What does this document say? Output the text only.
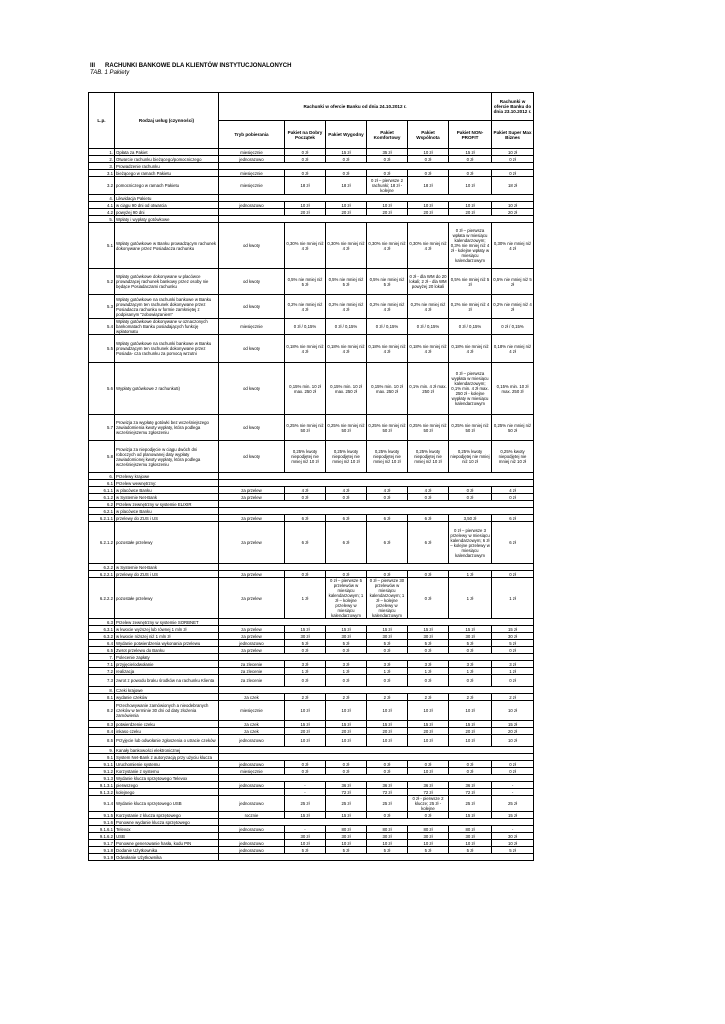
III RACHUNKI BANKOWE DLA KLIENTÓW INSTYTUCJONALONYCH
TAB. 1 Pakiety
L.p.	Rodzaj usług (czynności)	Rachunki w ofercie Banku od dnia 24.10.2012 r.						Rachunki w ofercie Banku do dnia 23.10.2012 r.
		Tryb pobierania	Pakiet na Dobry Początek	Pakiet Wygodny	Pakiet Komfortowy	Pakiet Wspólnota	Pakiet NON-PROFIT	Pakiet Super Max Biznes
1.	Opłata za Pakiet	miesięcznie	0 zł	15 zł	35 zł	10 zł	15 zł	10 zł
2.	Otwarcie rachunku bieżącego/pomocniczego	jednorazowo	0 zł	0 zł	0 zł	0 zł	0 zł	0 zł
3.	Prowadzenie rachunku							
3.1	bieżącego w ramach Pakietu	miesięcznie	0 zł	0 zł	0 zł	0 zł	0 zł	0 zł
3.2	pomocniczego w ramach Pakietu	miesięcznie	18 zł	18 zł	0 zł – pierwsze 2 rachunki; 18 zł - kolejne	18 zł	10 zł	18 zł
4.	Likwidacja Pakietu							
4.1	w ciągu 90 dni od otwarcia	jednorazowo	10 zł	10 zł	10 zł	10 zł	10 zł	10 zł
4.2	powyżej 90 dni		20 zł	20 zł	20 zł	20 zł	20 zł	20 zł
5.	Wpłaty i wypłaty gotówkowe							
5.1	Wpłaty gotówkowe w Banku prowadzącym rachunek dokonywane przez Posiadacza rachunku	od kwoty	0,30% nie mniej niż 4 zł	0,30% nie mniej niż 4 zł	0,30% nie mniej niż 4 zł	0,30% nie mniej niż 4 zł	0 zł – pierwsza wpłata w miesiącu kalendarzowym; 0,3% nie mniej niż 4 zł - kolejne wpłaty w miesiącu kalendarzowym	0,30% nie mniej niż 4 zł
5.2	Wpłaty gotówkowe dokonywane w placówce prowadzącej rachunek bankowy przez osoby nie będące Posiadaczami rachunku	od kwoty	0,5% nie mniej niż 5 zł	0,5% nie mniej niż 5 zł	0,5% nie mniej niż 5 zł	0 zł - dla WM do 20 lokali; 2 zł - dla WM powyżej 20 lokali	0,5% nie mniej niż 5 zł	0,5% nie mniej niż 5 zł
5.3	Wpłaty gotówkowe na rachunki bankowe w Banku prowadzącym ten rachunek dokonywane przez Posiadacza rachunku w formie zamkniętej z podpisanym "zobowiązaniem"	od kwoty	0,2% nie mniej niż 4 zł	0,2% nie mniej niż 4 zł	0,2% nie mniej niż 4 zł	0,2% nie mniej niż 4 zł	0,2% nie mniej niż 4 zł	0,2% nie mniej niż 4 zł
5.4	Wpłaty gotówkowe dokonywane w oznaczonych bankomatach Banku posiadających funkcję wpłatomatu	miesięcznie	0 zł / 0,15%	0 zł / 0,15%	0 zł / 0,15%	0 zł / 0,15%	0 zł / 0,15%	0 zł / 0,15%
5.5	Wpłaty gotówkowe na rachunki bankowe w Banku prowadzącym ten rachunek dokonywane przez Posiada- cza rachunku za pomocą wrzutni	od kwoty	0,18% nie mniej niż 4 zł	0,18% nie mniej niż 4 zł	0,18% nie mniej niż 4 zł	0,18% nie mniej niż 4 zł	0,18% nie mniej niż 4 zł	0,18% nie mniej niż 4 zł
5.6	Wypłaty gotówkowe z rachunku5)	od kwoty	0,15% min. 10 zł max. 250 zł	0,15% min. 10 zł max. 250 zł	0,15% min. 10 zł max. 250 zł	0,1% min. 4 zł max. 250 zł	0 zł – pierwsza wypłata w miesiącu kalendarzowym; 0,1% min. 4 zł max. 250 zł - kolejne wypłaty w miesiącu kalendarzowym	0,15% min. 10 zł max. 250 zł
5.7	Prowizja za wypłatę gotówki bez wcześniejszego zawiadomienia kwoty wypłaty, która podlega wcześniejszemu zgłoszeniu	od kwoty	0,25% nie mniej niż 50 zł	0,25% nie mniej niż 50 zł	0,25% nie mniej niż 50 zł	0,25% nie mniej niż 50 zł	0,25% nie mniej niż 50 zł	0,25% nie mniej niż 50 zł
5.8	Prowizja za niepodjęcie w ciągu dwóch dni roboczych od planowanej daty wypłaty zawiadomionej kwoty wypłaty, która podlega wcześniejszemu zgłoszeniu	od kwoty	0,25% kwoty niepodjętej nie mniej niż 10 zł	0,25% kwoty niepodjętej nie mniej niż 10 zł	0,25% kwoty niepodjętej nie mniej niż 10 zł	0,25% kwoty niepodjętej nie mniej niż 10 zł	0,25% kwoty niepodjętej nie mniej niż 10 zł	0,25% kwoty niepodjętej nie mniej niż 10 zł
6.	Przelewy krajowe							
6.1	Przelew wewnętrzny:							
6.1.1	w placówce Banku	za przelew	4 zł	4 zł	4 zł	4 zł	0 zł	4 zł
6.1.2	w Systemie Net-Bank	za przelew	0 zł	0 zł	0 zł	0 zł	0 zł	0 zł
6.2	Przelew zewnętrzny w systemie ELIXIR							
6.2.1	w placówce Banku							
6.2.1.1	przelewy do ZUS i US	za przelew	6 zł	6 zł	6 zł	6 zł	3,50 zł	6 zł
6.2.1.2	pozostałe przelewy	za przelew	6 zł	6 zł	6 zł	6 zł	0 zł – pierwsze 3 przelewy w miesiącu kalendarzowym; 6 zł – kolejne przelewy w miesiącu kalendarzowym	6 zł
6.2.2	w Systemie Net-Bank							
6.2.2.1	przelewy do ZUS i US	za przelew	0 zł	0 zł	0 zł	0 zł	1 zł	0 zł
6.2.2.2	pozostałe przelewy	za przelew	1 zł	0 zł – pierwsze 5 przelewów w miesiącu kalendarzowym; 1 zł – kolejne przelewy w miesiącu kalendarzowym	0 zł – pierwsze 30 przelewów w miesiącu kalendarzowym; 1 zł – kolejne przelewy w miesiącu kalendarzowym	0 zł	1 zł	1 zł
6.3	Przelew zewnętrzny w systemie SORBNET							
6.3.1	w kwocie wyższej lub równej 1 mln zł	za przelew	15 zł	15 zł	15 zł	15 zł	15 zł	15 zł
6.3.2	w kwocie niższej niż 1 mln zł	za przelew	30 zł	30 zł	30 zł	30 zł	30 zł	30 zł
6.4	Wydanie potwierdzenia wykonania przelewu	jednorazowo	5 zł	5 zł	5 zł	5 zł	5 zł	5 zł
6.5	Zwrot przelewu do Banku	za przelew	0 zł	0 zł	0 zł	0 zł	0 zł	0 zł
7.	Polecenie zapłaty							
7.1	przyjęcie/odwołanie	za zlecenie	3 zł	3 zł	3 zł	3 zł	3 zł	3 zł
7.2	realizacja	za zlecenie	1 zł	1 zł	1 zł	1 zł	1 zł	1 zł
7.3	zwrot z powodu braku środków na rachunku Klienta	za zlecenie	0 zł	0 zł	0 zł	0 zł	0 zł	0 zł
8.	Czeki krajowe							
8.1	wydanie czeków	za czek	2 zł	2 zł	2 zł	2 zł	2 zł	2 zł
8.2	Przechowywanie zamówionych a nieodebranych czeków w terminie 30 dni od daty złożenia zamówienia	miesięcznie	10 zł	10 zł	10 zł	10 zł	10 zł	10 zł
8.3	potwierdzenie czeku	za czek	15 zł	15 zł	15 zł	15 zł	15 zł	15 zł
8.4	inkaso czeku	za czek	20 zł	20 zł	20 zł	20 zł	20 zł	20 zł
8.5	Przyjęcie lub odwołanie zgłoszenia o utracie czeków	jednorazowo	10 zł	10 zł	10 zł	10 zł	10 zł	10 zł
9.	Kanały bankowości elektronicznej							
9.1	System Net-Bank z autoryzacją przy użyciu klucza							
9.1.1	Uruchomienie systemu	jednorazowo	0 zł	0 zł	0 zł	0 zł	0 zł	0 zł
9.1.2	Korzystanie z systemu	miesięcznie	0 zł	0 zł	0 zł	10 zł	0 zł	0 zł
9.1.3	Wydanie klucza sprzętowego Televox							
9.1.3.1	pierwszego	jednorazowo	-	36 zł	36 zł	36 zł	36 zł	-
9.1.3.2	kolejnego		-	72 zł	72 zł	72 zł	72 zł	-
9.1.4	Wydanie klucza sprzętowego USB	jednorazowo	25 zł	25 zł	25 zł	0 zł - pierwsze 2 klucze; 25 zł - kolejne	25 zł	25 zł
9.1.5	Korzystanie z klucza sprzętowego	rocznie	15 zł	15 zł	0 zł	0 zł	15 zł	15 zł
9.1.6	Ponowne wydanie klucza sprzętowego							
9.1.6.1	Televox	jednorazowo	-	80 zł	80 zł	80 zł	80 zł	-
9.1.6.2	USB		30 zł	30 zł	30 zł	30 zł	30 zł	30 zł
9.1.7	Ponowne generowanie hasła, kodu PIN	jednorazowo	10 zł	10 zł	10 zł	10 zł	10 zł	10 zł
9.1.8	Dodanie Użytkownika	jednorazowo	5 zł	5 zł	5 zł	5 zł	5 zł	5 zł
9.1.9	Odwołanie Użytkownika							
